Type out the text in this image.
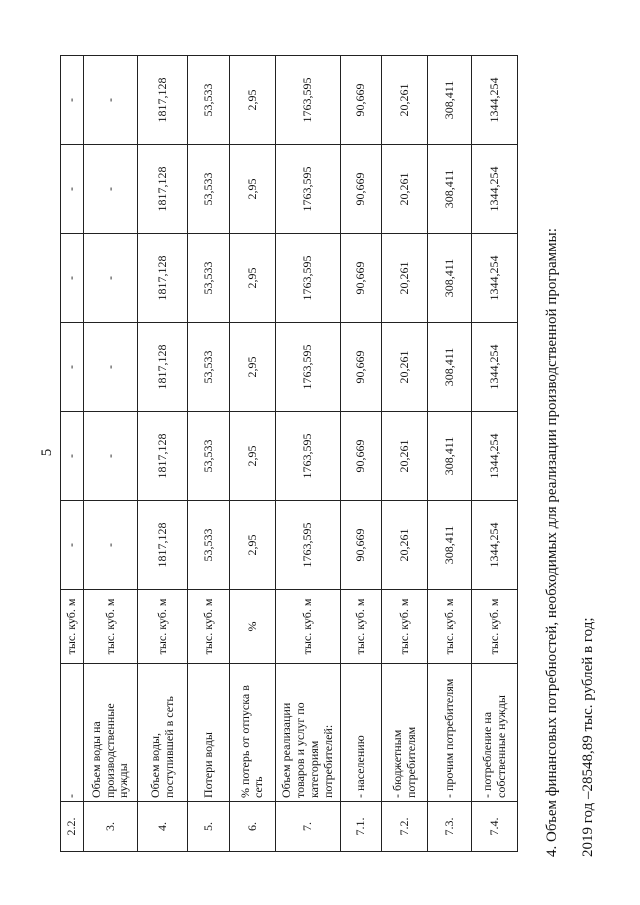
5
2.2.	-	тыс. куб. м	-	-	-	-	-	-
3.	Объем воды на производственные нужды	тыс. куб. м	-	-	-	-	-	-
4.	Объем воды, поступившей в сеть	тыс. куб. м	1817,128	1817,128	1817,128	1817,128	1817,128	1817,128
5.	Потери воды	тыс. куб. м	53,533	53,533	53,533	53,533	53,533	53,533
6.	% потерь от отпуска в сеть	%	2,95	2,95	2,95	2,95	2,95	2,95
7.	Объем реализации товаров и услуг по категориям потребителей:	тыс. куб. м	1763,595	1763,595	1763,595	1763,595	1763,595	1763,595
7.1.	- населению	тыс. куб. м	90,669	90,669	90,669	90,669	90,669	90,669
7.2.	- бюджетным потребителям	тыс. куб. м	20,261	20,261	20,261	20,261	20,261	20,261
7.3.	- прочим потребителям	тыс. куб. м	308,411	308,411	308,411	308,411	308,411	308,411
7.4.	- потребление на собственные нужды	тыс. куб. м	1344,254	1344,254	1344,254	1344,254	1344,254	1344,254
4. Объем финансовых потребностей, необходимых для реализации производственной программы: 2019 год –28548,89 тыс. рублей в год;
